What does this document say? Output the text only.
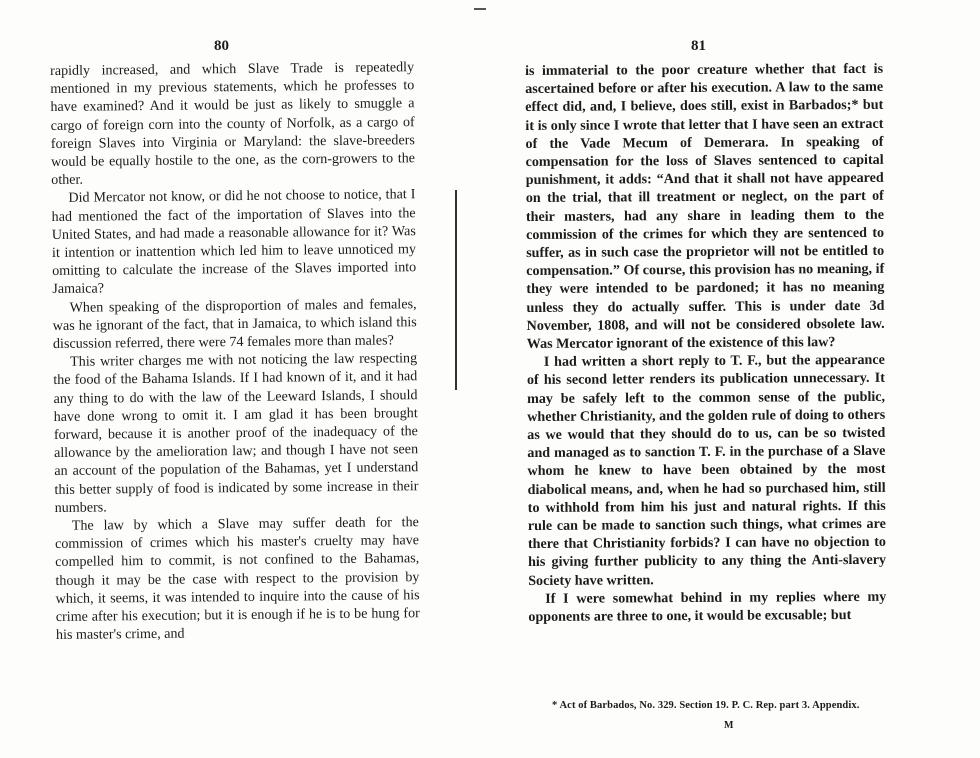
80

rapidly increased, and which Slave Trade is repeatedly mentioned in my previous statements, which he professes to have examined? And it would be just as likely to smuggle a cargo of foreign corn into the county of Norfolk, as a cargo of foreign Slaves into Virginia or Maryland: the slave-breeders would be equally hostile to the one, as the corn-growers to the other.

Did Mercator not know, or did he not choose to notice, that I had mentioned the fact of the importation of Slaves into the United States, and had made a reasonable allowance for it? Was it intention or inattention which led him to leave unnoticed my omitting to calculate the increase of the Slaves imported into Jamaica?

When speaking of the disproportion of males and females, was he ignorant of the fact, that in Jamaica, to which island this discussion referred, there were 74 females more than males?

This writer charges me with not noticing the law respecting the food of the Bahama Islands. If I had known of it, and it had any thing to do with the law of the Leeward Islands, I should have done wrong to omit it. I am glad it has been brought forward, because it is another proof of the inadequacy of the allowance by the amelioration law; and though I have not seen an account of the population of the Bahamas, yet I understand this better supply of food is indicated by some increase in their numbers.

The law by which a Slave may suffer death for the commission of crimes which his master's cruelty may have compelled him to commit, is not confined to the Bahamas, though it may be the case with respect to the provision by which, it seems, it was intended to inquire into the cause of his crime after his execution; but it is enough if he is to be hung for his master's crime, and

81

is immaterial to the poor creature whether that fact is ascertained before or after his execution. A law to the same effect did, and, I believe, does still, exist in Barbados;* but it is only since I wrote that letter that I have seen an extract of the Vade Mecum of Demerara. In speaking of compensation for the loss of Slaves sentenced to capital punishment, it adds: “And that it shall not have appeared on the trial, that ill treatment or neglect, on the part of their masters, had any share in leading them to the commission of the crimes for which they are sentenced to suffer, as in such case the proprietor will not be entitled to compensation.” Of course, this provision has no meaning, if they were intended to be pardoned; it has no meaning unless they do actually suffer. This is under date 3d November, 1808, and will not be considered obsolete law. Was Mercator ignorant of the existence of this law?

I had written a short reply to T. F., but the appearance of his second letter renders its publication unnecessary. It may be safely left to the common sense of the public, whether Christianity, and the golden rule of doing to others as we would that they should do to us, can be so twisted and managed as to sanction T. F. in the purchase of a Slave whom he knew to have been obtained by the most diabolical means, and, when he had so purchased him, still to withhold from him his just and natural rights. If this rule can be made to sanction such things, what crimes are there that Christianity forbids? I can have no objection to his giving further publicity to any thing the Anti-slavery Society have written.

If I were somewhat behind in my replies where my opponents are three to one, it would be excusable; but

* Act of Barbados, No. 329. Section 19. P. C. Rep. part 3. Appendix.
M
